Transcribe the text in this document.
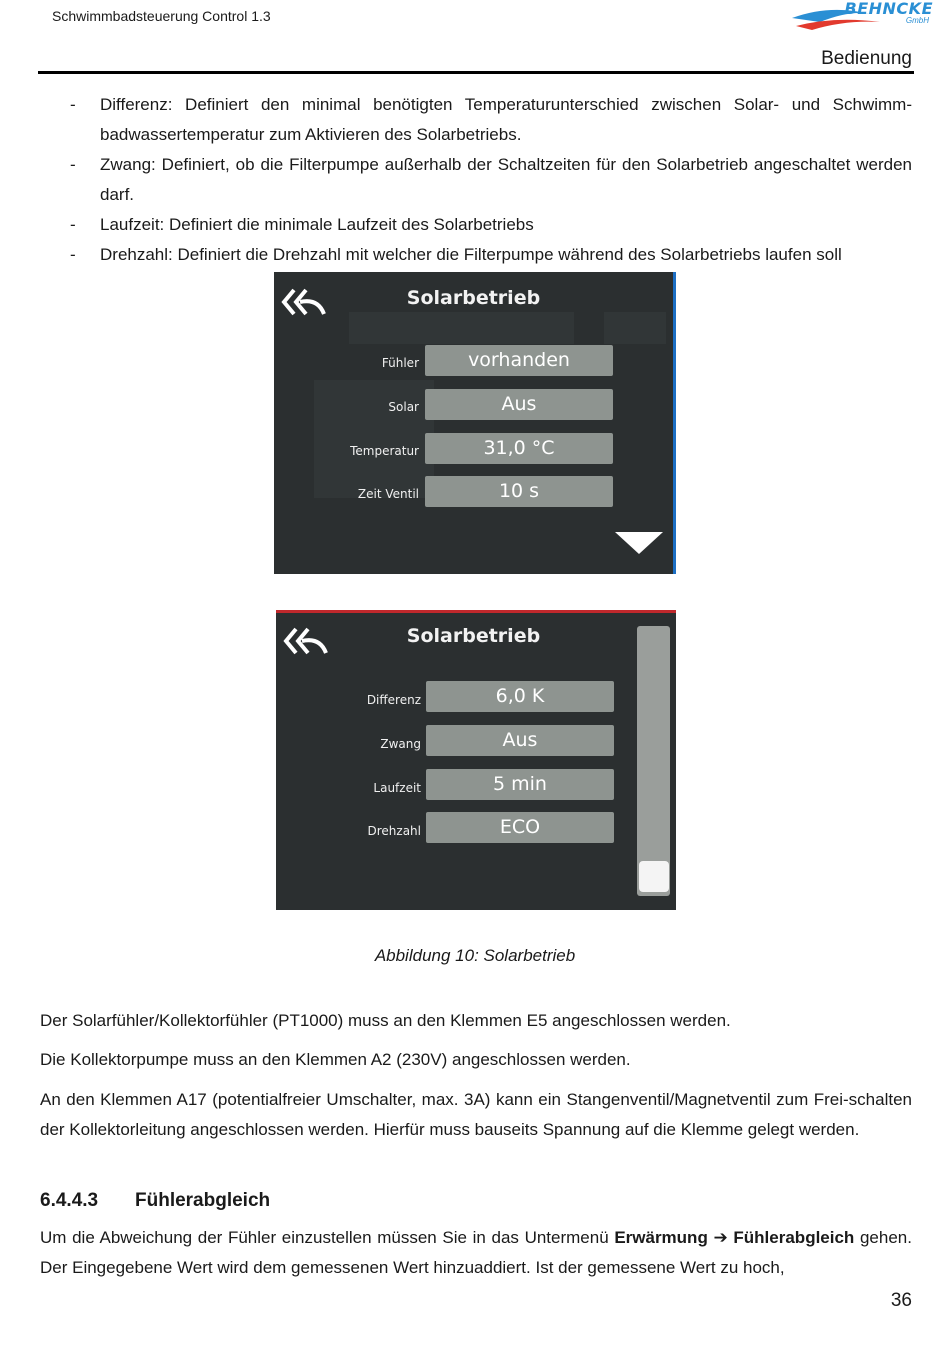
Schwimmbadsteuerung Control 1.3	BEHNCKE
GmbH
Bedienung
-	Differenz: Definiert den minimal benötigten Temperaturunterschied zwischen Solar- und Schwimm-badwassertemperatur zum Aktivieren des Solarbetriebs.
-	Zwang: Definiert, ob die Filterpumpe außerhalb der Schaltzeiten für den Solarbetrieb angeschaltet werden darf.
-	Laufzeit: Definiert die minimale Laufzeit des Solarbetriebs
-	Drehzahl: Definiert die Drehzahl mit welcher die Filterpumpe während des Solarbetriebs laufen soll
Solarbetrieb
Fühler	vorhanden
Solar	Aus
Temperatur	31,0 °C
Zeit Ventil	10 s
Solarbetrieb
Differenz	6,0 K
Zwang	Aus
Laufzeit	5 min
Drehzahl	ECO
Abbildung 10: Solarbetrieb
Der Solarfühler/Kollektorfühler (PT1000) muss an den Klemmen E5 angeschlossen werden.
Die Kollektorpumpe muss an den Klemmen A2 (230V) angeschlossen werden.
An den Klemmen A17 (potentialfreier Umschalter, max. 3A) kann ein Stangenventil/Magnetventil zum Frei-schalten der Kollektorleitung angeschlossen werden. Hierfür muss bauseits Spannung auf die Klemme gelegt werden.
6.4.4.3 Fühlerabgleich
Um die Abweichung der Fühler einzustellen müssen Sie in das Untermenü Erwärmung ➔ Fühlerabgleich gehen. Der Eingegebene Wert wird dem gemessenen Wert hinzuaddiert. Ist der gemessene Wert zu hoch,
36
